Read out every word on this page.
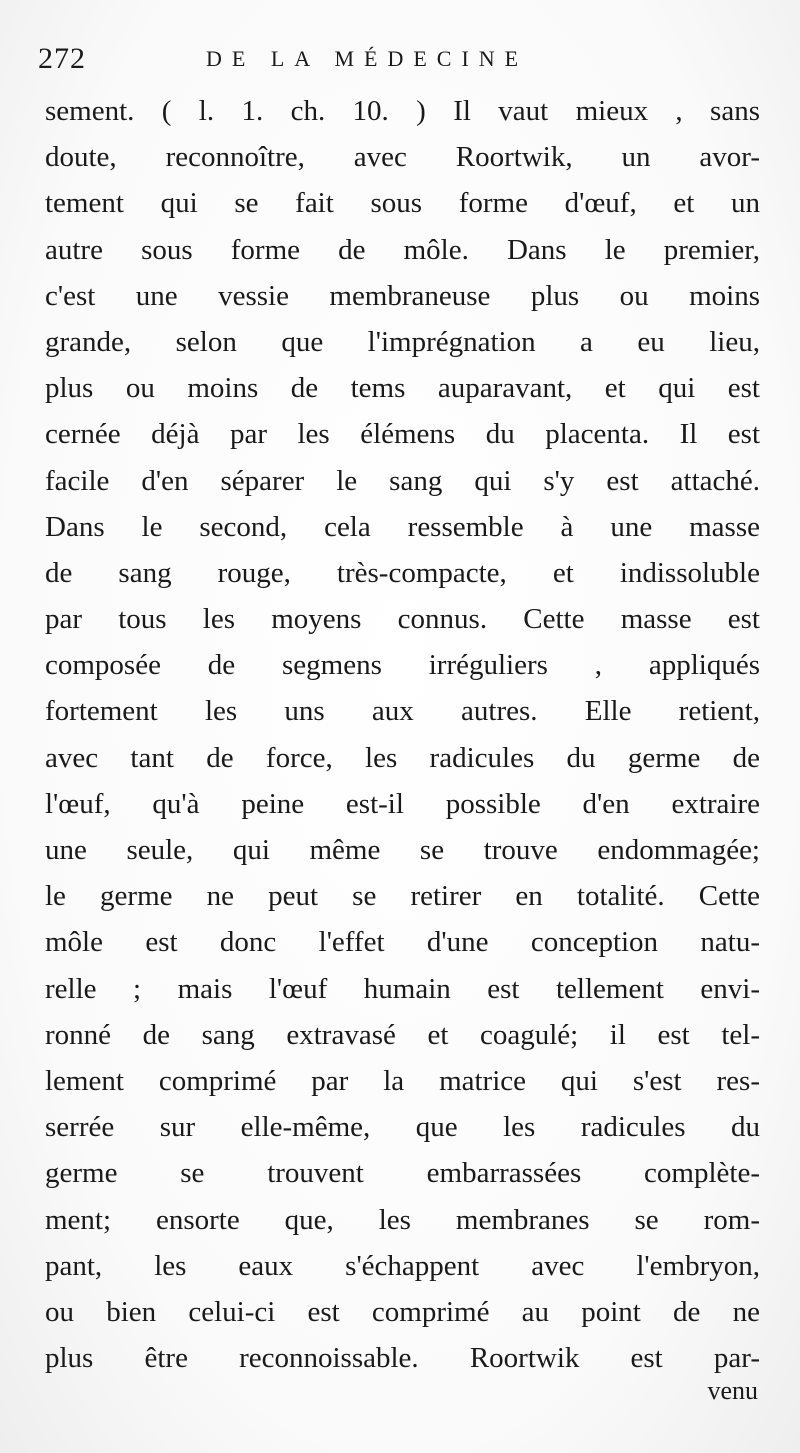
272	DE LA MÉDECINE
sement. ( l. 1. ch. 10. ) Il vaut mieux , sans
doute, reconnoître, avec Roortwik, un avor-
tement qui se fait sous forme d'œuf, et un
autre sous forme de môle. Dans le premier,
c'est une vessie membraneuse plus ou moins
grande, selon que l'imprégnation a eu lieu,
plus ou moins de tems auparavant, et qui est
cernée déjà par les élémens du placenta. Il est
facile d'en séparer le sang qui s'y est attaché.
Dans le second, cela ressemble à une masse
de sang rouge, très-compacte, et indissoluble
par tous les moyens connus. Cette masse est
composée de segmens irréguliers , appliqués
fortement les uns aux autres. Elle retient,
avec tant de force, les radicules du germe de
l'œuf, qu'à peine est-il possible d'en extraire
une seule, qui même se trouve endommagée;
le germe ne peut se retirer en totalité. Cette
môle est donc l'effet d'une conception natu-
relle ; mais l'œuf humain est tellement envi-
ronné de sang extravasé et coagulé; il est tel-
lement comprimé par la matrice qui s'est res-
serrée sur elle-même, que les radicules du
germe se trouvent embarrassées complète-
ment; ensorte que, les membranes se rom-
pant, les eaux s'échappent avec l'embryon,
ou bien celui-ci est comprimé au point de ne
plus être reconnoissable. Roortwik est par-
venu
